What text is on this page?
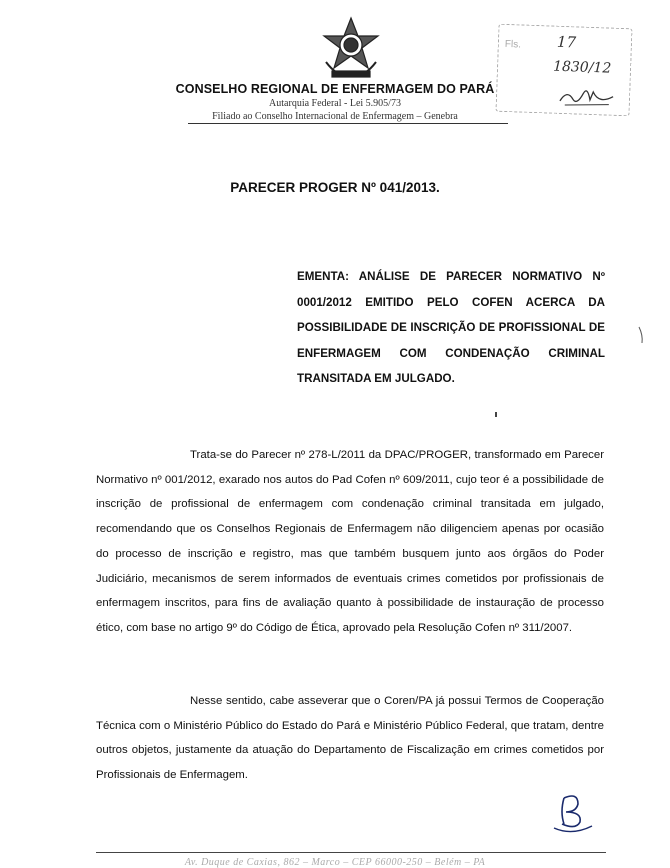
CONSELHO REGIONAL DE ENFERMAGEM DO PARÁ
Autarquia Federal - Lei 5.905/73
Filiado ao Conselho Internacional de Enfermagem – Genebra
Fls. 17
1830/12
PARECER PROGER Nº 041/2013.
EMENTA: ANÁLISE DE PARECER NORMATIVO Nº 0001/2012 EMITIDO PELO COFEN ACERCA DA POSSIBILIDADE DE INSCRIÇÃO DE PROFISSIONAL DE ENFERMAGEM COM CONDENAÇÃO CRIMINAL TRANSITADA EM JULGADO.

Trata-se do Parecer nº 278-L/2011 da DPAC/PROGER, transformado em Parecer Normativo nº 001/2012, exarado nos autos do Pad Cofen nº 609/2011, cujo teor é a possibilidade de inscrição de profissional de enfermagem com condenação criminal transitada em julgado, recomendando que os Conselhos Regionais de Enfermagem não diligenciem apenas por ocasião do processo de inscrição e registro, mas que também busquem junto aos órgãos do Poder Judiciário, mecanismos de serem informados de eventuais crimes cometidos por profissionais de enfermagem inscritos, para fins de avaliação quanto à possibilidade de instauração de processo ético, com base no artigo 9º do Código de Ética, aprovado pela Resolução Cofen nº 311/2007.

Nesse sentido, cabe asseverar que o Coren/PA já possui Termos de Cooperação Técnica com o Ministério Público do Estado do Pará e Ministério Público Federal, que tratam, dentre outros objetos, justamente da atuação do Departamento de Fiscalização em crimes cometidos por Profissionais de Enfermagem.

Av. Duque de Caxias, 862 – Marco – CEP 66000-250 – Belém – PA
